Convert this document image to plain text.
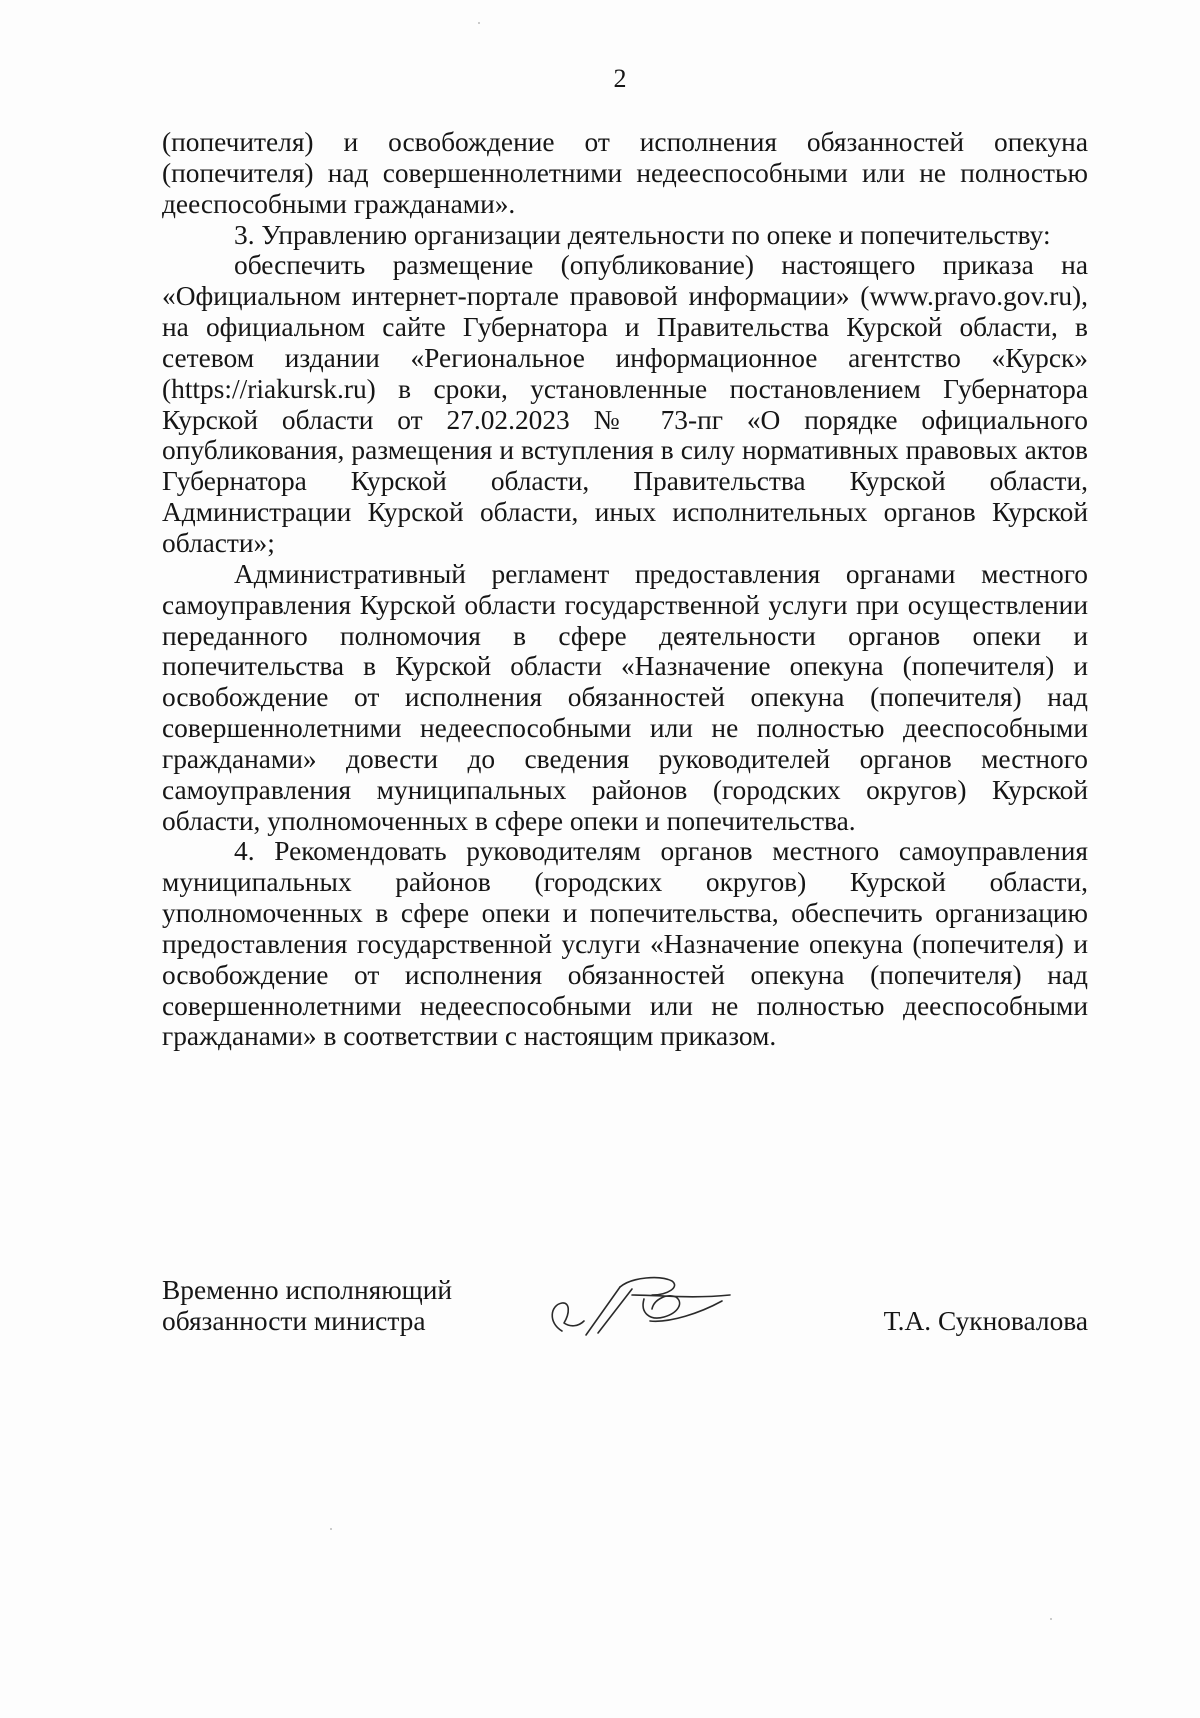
2

(попечителя) и освобождение от исполнения обязанностей опекуна (попечителя) над совершеннолетними недееспособными или не полностью дееспособными гражданами».

3. Управлению организации деятельности по опеке и попечительству:

обеспечить размещение (опубликование) настоящего приказа на «Официальном интернет-портале правовой информации» (www.pravo.gov.ru), на официальном сайте Губернатора и Правительства Курской области, в сетевом издании «Региональное информационное агентство «Курск» (https://riakursk.ru) в сроки, установленные постановлением Губернатора Курской области от 27.02.2023 № 73-пг «О порядке официального опубликования, размещения и вступления в силу нормативных правовых актов Губернатора Курской области, Правительства Курской области, Администрации Курской области, иных исполнительных органов Курской области»;

Административный регламент предоставления органами местного самоуправления Курской области государственной услуги при осуществлении переданного полномочия в сфере деятельности органов опеки и попечительства в Курской области «Назначение опекуна (попечителя) и освобождение от исполнения обязанностей опекуна (попечителя) над совершеннолетними недееспособными или не полностью дееспособными гражданами» довести до сведения руководителей органов местного самоуправления муниципальных районов (городских округов) Курской области, уполномоченных в сфере опеки и попечительства.

4. Рекомендовать руководителям органов местного самоуправления муниципальных районов (городских округов) Курской области, уполномоченных в сфере опеки и попечительства, обеспечить организацию предоставления государственной услуги «Назначение опекуна (попечителя) и освобождение от исполнения обязанностей опекуна (попечителя) над совершеннолетними недееспособными или не полностью дееспособными гражданами» в соответствии с настоящим приказом.

Временно исполняющий
обязанности министра	Т.А. Сукновалова
